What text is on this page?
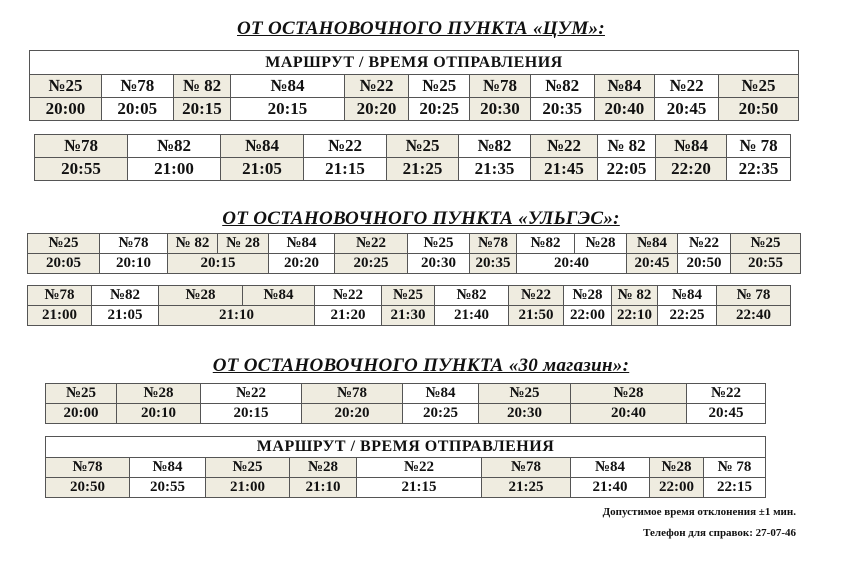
ОТ ОСТАНОВОЧНОГО ПУНКТА «ЦУМ»:
МАРШРУТ / ВРЕМЯ ОТПРАВЛЕНИЯ										
№25	№78	№ 82	№84	№22	№25	№78	№82	№84	№22	№25
20:00	20:05	20:15	20:15	20:20	20:25	20:30	20:35	20:40	20:45	20:50
№78	№82	№84	№22	№25	№82	№22	№ 82	№84	№ 78
20:55	21:00	21:05	21:15	21:25	21:35	21:45	22:05	22:20	22:35
ОТ ОСТАНОВОЧНОГО ПУНКТА «УЛЬГЭС»:
№25	№78	№ 82	№ 28	№84	№22	№25	№78	№82	№28	№84	№22	№25
20:05	20:10	20:15		20:20	20:25	20:30	20:35	20:40		20:45	20:50	20:55
№78	№82	№28	№84	№22	№25	№82	№22	№28	№ 82	№84	№ 78
21:00	21:05	21:10		21:20	21:30	21:40	21:50	22:00	22:10	22:25	22:40
ОТ ОСТАНОВОЧНОГО ПУНКТА «30 магазин»:
№25	№28	№22	№78	№84	№25	№28	№22
20:00	20:10	20:15	20:20	20:25	20:30	20:40	20:45
МАРШРУТ / ВРЕМЯ ОТПРАВЛЕНИЯ								
№78	№84	№25	№28	№22	№78	№84	№28	№ 78
20:50	20:55	21:00	21:10	21:15	21:25	21:40	22:00	22:15
Допустимое время отклонения ±1 мин.
Телефон для справок: 27-07-46
